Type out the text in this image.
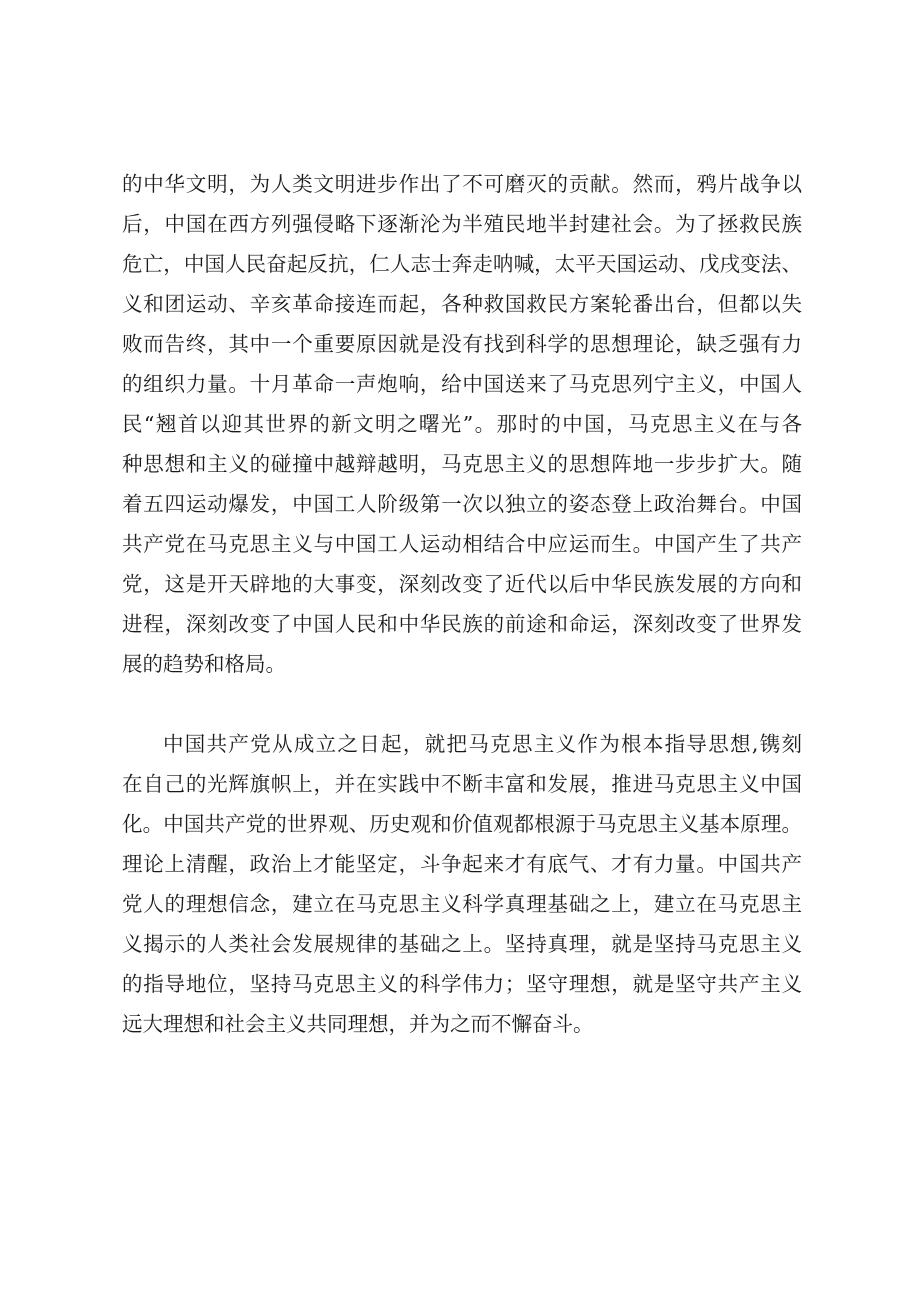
的中华文明，为人类文明进步作出了不可磨灭的贡献。然而，鸦片战争以
后，中国在西方列强侵略下逐渐沦为半殖民地半封建社会。为了拯救民族
危亡，中国人民奋起反抗，仁人志士奔走呐喊，太平天国运动、戊戌变法、
义和团运动、辛亥革命接连而起，各种救国救民方案轮番出台，但都以失
败而告终，其中一个重要原因就是没有找到科学的思想理论，缺乏强有力
的组织力量。十月革命一声炮响，给中国送来了马克思列宁主义，中国人
民“翘首以迎其世界的新文明之曙光”。那时的中国，马克思主义在与各
种思想和主义的碰撞中越辩越明，马克思主义的思想阵地一步步扩大。随
着五四运动爆发，中国工人阶级第一次以独立的姿态登上政治舞台。中国
共产党在马克思主义与中国工人运动相结合中应运而生。中国产生了共产
党，这是开天辟地的大事变，深刻改变了近代以后中华民族发展的方向和
进程，深刻改变了中国人民和中华民族的前途和命运，深刻改变了世界发
展的趋势和格局。
中国共产党从成立之日起，就把马克思主义作为根本指导思想,镌刻
在自己的光辉旗帜上，并在实践中不断丰富和发展，推进马克思主义中国
化。中国共产党的世界观、历史观和价值观都根源于马克思主义基本原理。
理论上清醒，政治上才能坚定，斗争起来才有底气、才有力量。中国共产
党人的理想信念，建立在马克思主义科学真理基础之上，建立在马克思主
义揭示的人类社会发展规律的基础之上。坚持真理，就是坚持马克思主义
的指导地位，坚持马克思主义的科学伟力；坚守理想，就是坚守共产主义
远大理想和社会主义共同理想，并为之而不懈奋斗。
